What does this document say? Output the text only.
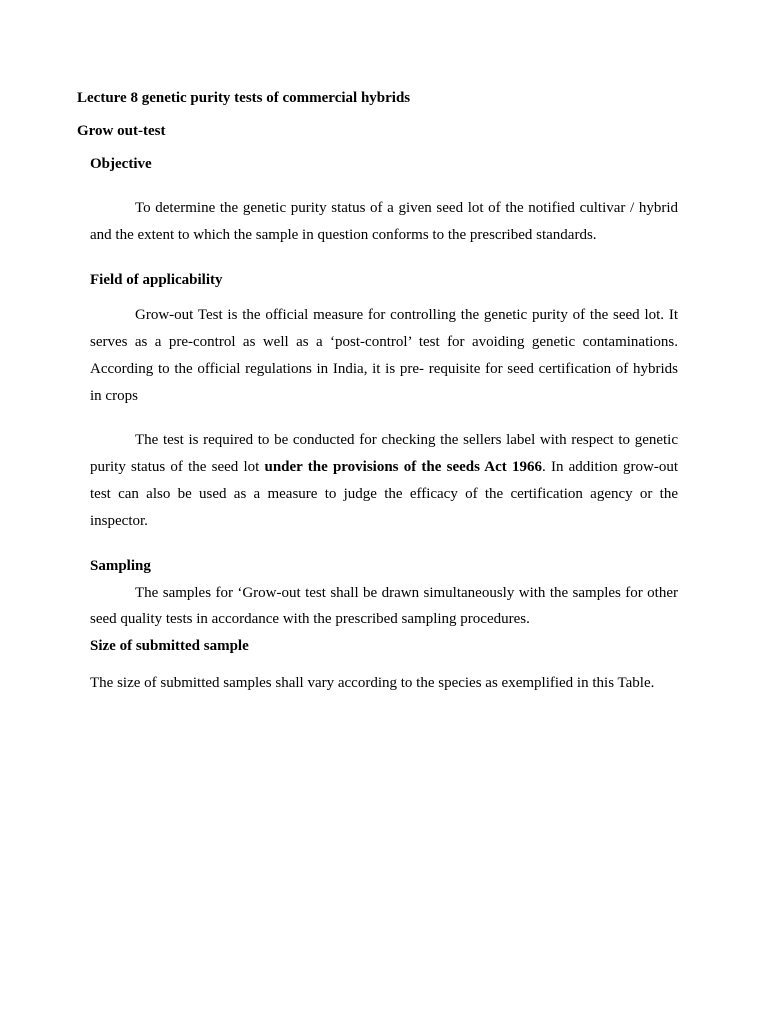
Lecture 8 genetic purity tests of commercial hybrids
Grow out-test
Objective
To determine the genetic purity status of a given seed lot of the notified cultivar / hybrid and the extent to which the sample in question conforms to the prescribed standards.
Field of applicability
Grow-out Test is the official measure for controlling the genetic purity of the seed lot. It serves as a pre-control as well as a ‘post-control’ test for avoiding genetic contaminations. According to the official regulations in India, it is pre- requisite for seed certification of hybrids in crops
The test is required to be conducted for checking the sellers label with respect to genetic purity status of the seed lot under the provisions of the seeds Act 1966. In addition grow-out test can also be used as a measure to judge the efficacy of the certification agency or the inspector.
Sampling
The samples for ‘Grow-out test shall be drawn simultaneously with the samples for other seed quality tests in accordance with the prescribed sampling procedures.
Size of submitted sample
The size of submitted samples shall vary according to the species as exemplified in this Table.
